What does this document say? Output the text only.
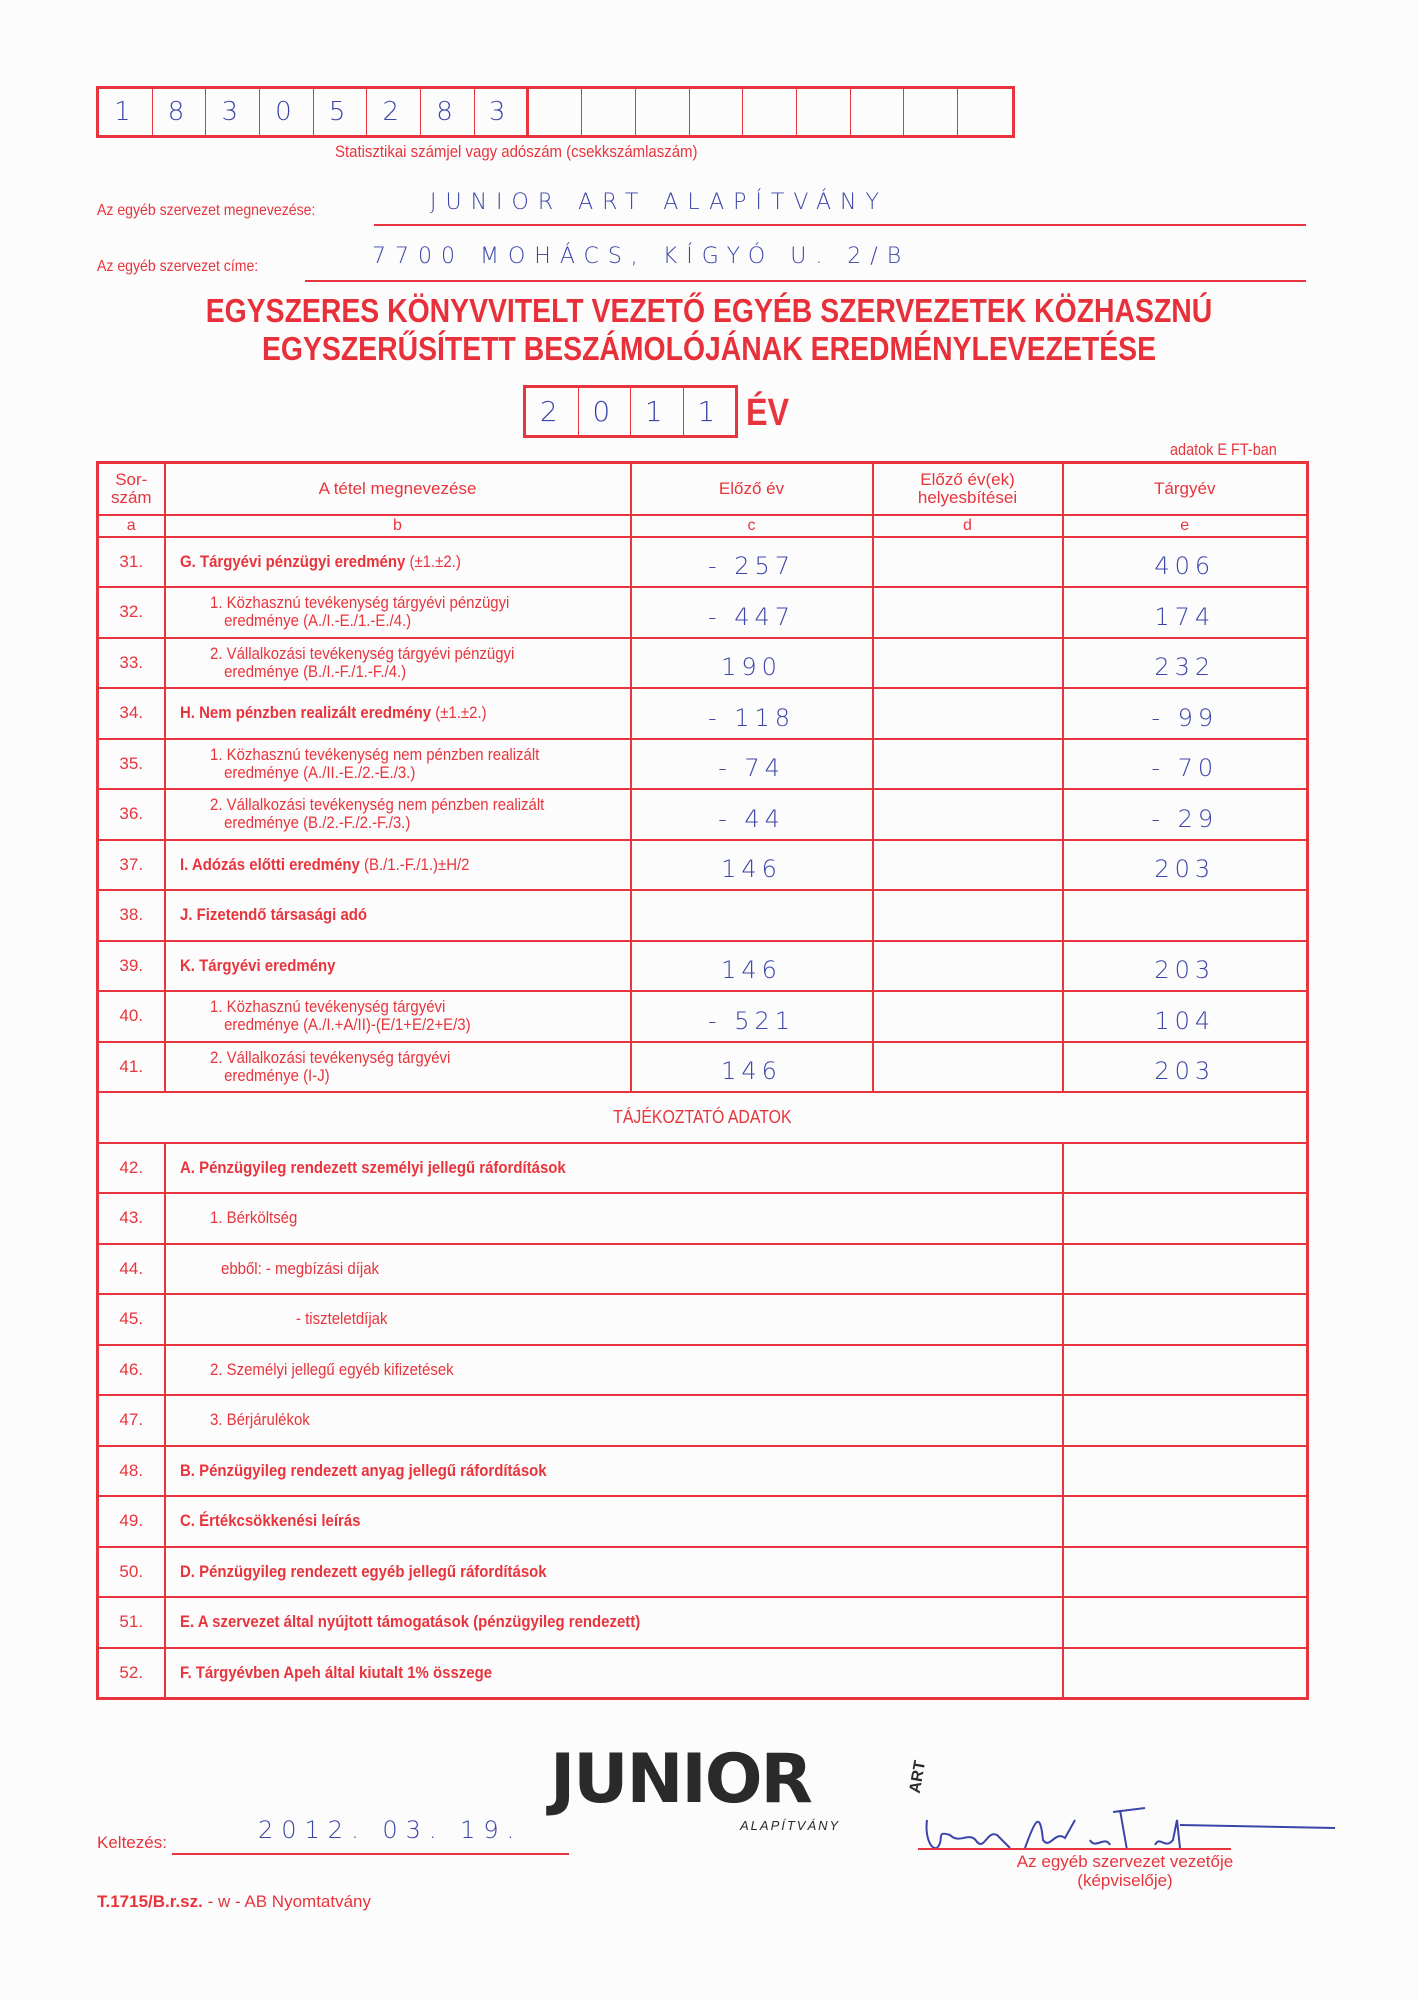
1	8	3	0	5	2	8	3
Statisztikai számjel vagy adószám (csekkszámlaszám)
Az egyéb szervezet megnevezése:	JUNIOR ART ALAPÍTVÁNY
Az egyéb szervezet címe:	7700 MOHÁCS, KÍGYÓ U. 2/B
EGYSZERES KÖNYVVITELT VEZETŐ EGYÉB SZERVEZETEK KÖZHASZNÚ
EGYSZERŰSÍTETT BESZÁMOLÓJÁNAK EREDMÉNYLEVEZETÉSE
2	0	1	1 ÉV
adatok E FT-ban
Sor-
szám	A tétel megnevezése	Előző év	Előző év(ek)
helyesbítései	Tárgyév
a	b	c	d	e
31.	G. Tárgyévi pénzügyi eredmény (±1.±2.)	- 257		406
32.	1. Közhasznú tevékenység tárgyévi pénzügyi
eredménye (A./I.-E./1.-E./4.)	- 447		174
33.	2. Vállalkozási tevékenység tárgyévi pénzügyi
eredménye (B./I.-F./1.-F./4.)	190		232
34.	H. Nem pénzben realizált eredmény (±1.±2.)	- 118		- 99
35.	1. Közhasznú tevékenység nem pénzben realizált
eredménye (A./II.-E./2.-E./3.)	- 74		- 70
36.	2. Vállalkozási tevékenység nem pénzben realizált
eredménye (B./2.-F./2.-F./3.)	- 44		- 29
37.	I. Adózás előtti eredmény (B./1.-F./1.)±H/2	146		203
38.	J. Fizetendő társasági adó			
39.	K. Tárgyévi eredmény	146		203
40.	1. Közhasznú tevékenység tárgyévi
eredménye (A./I.+A/II)-(E/1+E/2+E/3)	- 521		104
41.	2. Vállalkozási tevékenység tárgyévi
eredménye (I-J)	146		203
TÁJÉKOZTATÓ ADATOK				
42.	A. Pénzügyileg rendezett személyi jellegű ráfordítások			
43.	1. Bérköltség			
44.	ebből: - megbízási díjak			
45.	- tiszteletdíjak			
46.	2. Személyi jellegű egyéb kifizetések			
47.	3. Bérjárulékok			
48.	B. Pénzügyileg rendezett anyag jellegű ráfordítások			
49.	C. Értékcsökkenési leírás			
50.	D. Pénzügyileg rendezett egyéb jellegű ráfordítások			
51.	E. A szervezet által nyújtott támogatások (pénzügyileg rendezett)			
52.	F. Tárgyévben Apeh által kiutalt 1% összege			
Keltezés:	2012. 03. 19.
JUNIOR	ART
ALAPÍTVÁNY
Az egyéb szervezet vezetője
(képviselője)
T.1715/B.r.sz. - w - AB Nyomtatvány
